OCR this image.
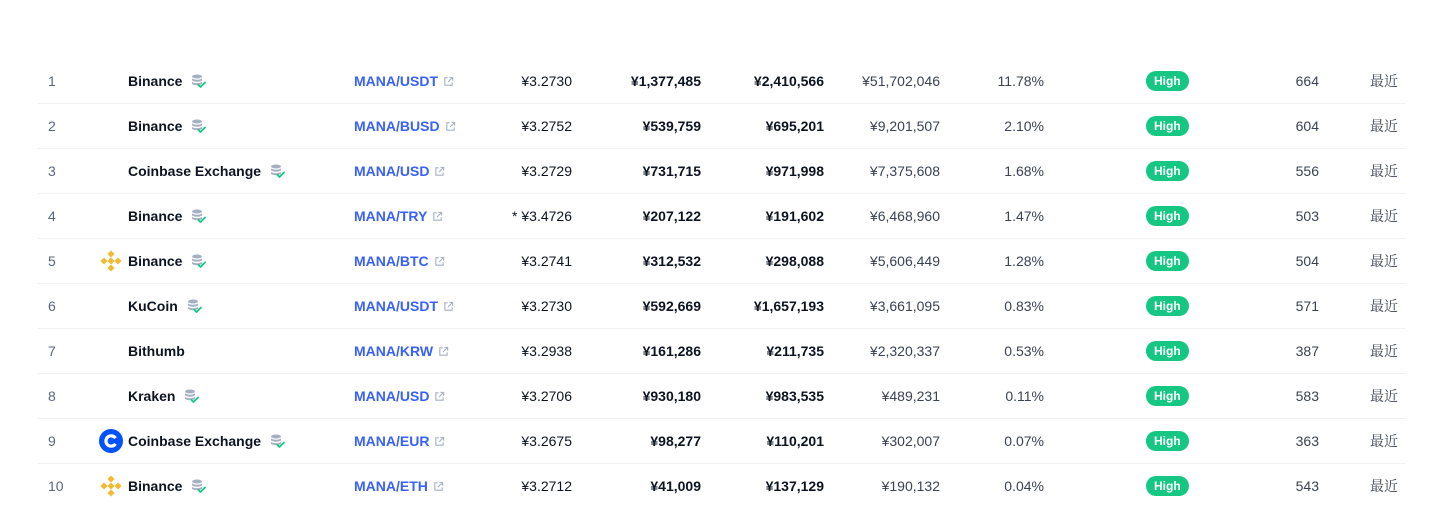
1	Binance	MANA/USDT	¥3.2730	¥1,377,485	¥2,410,566	¥51,702,046	11.78%	High	664	最近
2	Binance	MANA/BUSD	¥3.2752	¥539,759	¥695,201	¥9,201,507	2.10%	High	604	最近
3	Coinbase Exchange	MANA/USD	¥3.2729	¥731,715	¥971,998	¥7,375,608	1.68%	High	556	最近
4	Binance	MANA/TRY	* ¥3.4726	¥207,122	¥191,602	¥6,468,960	1.47%	High	503	最近
5	Binance	MANA/BTC	¥3.2741	¥312,532	¥298,088	¥5,606,449	1.28%	High	504	最近
6	KuCoin	MANA/USDT	¥3.2730	¥592,669	¥1,657,193	¥3,661,095	0.83%	High	571	最近
7	Bithumb	MANA/KRW	¥3.2938	¥161,286	¥211,735	¥2,320,337	0.53%	High	387	最近
8	Kraken	MANA/USD	¥3.2706	¥930,180	¥983,535	¥489,231	0.11%	High	583	最近
9	Coinbase Exchange	MANA/EUR	¥3.2675	¥98,277	¥110,201	¥302,007	0.07%	High	363	最近
10	Binance	MANA/ETH	¥3.2712	¥41,009	¥137,129	¥190,132	0.04%	High	543	最近
